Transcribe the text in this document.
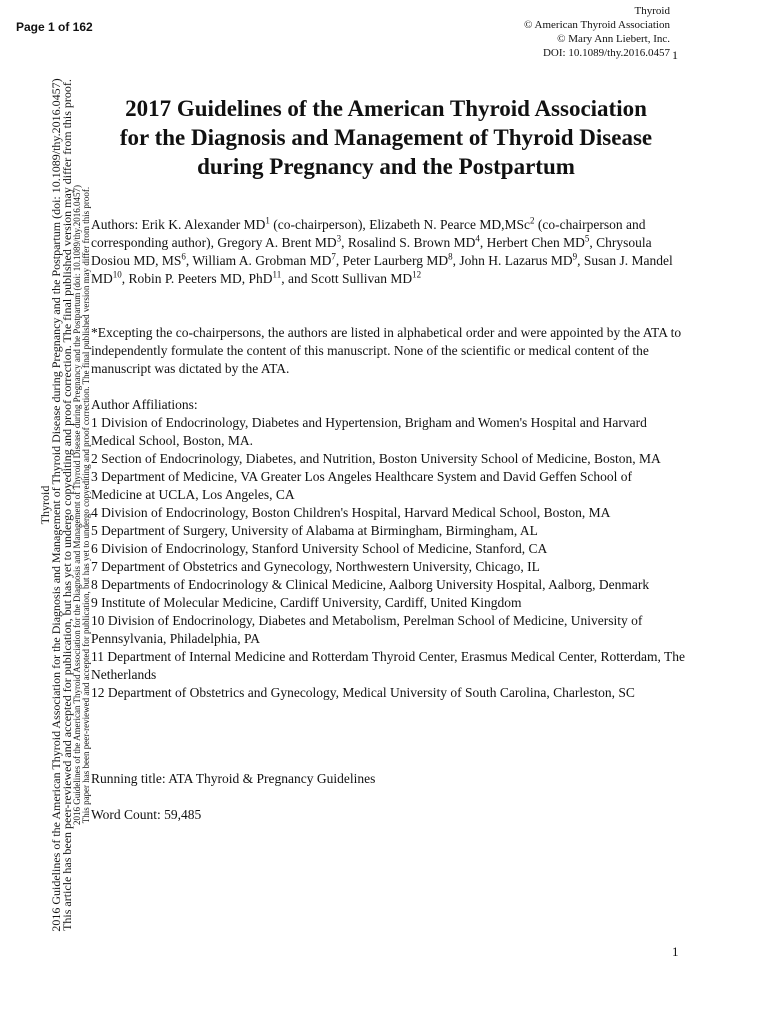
Page 1 of 162
Thyroid
© American Thyroid Association
© Mary Ann Liebert, Inc.
DOI: 10.1089/thy.2016.0457 1
Thyroid
2016 Guidelines of the American Thyroid Association for the Diagnosis and Management of Thyroid Disease during Pregnancy and the Postpartum (doi: 10.1089/thy.2016.0457)
This article has been peer-reviewed and accepted for publication, but has yet to undergo copyediting and proof correction. The final published version may differ from this proof.
2016 Guidelines of the American Thyroid Association for the Diagnosis and Management of Thyroid Disease during Pregnancy and the Postpartum (doi: 10.1089/thy.2016.0457) This paper has been peer-reviewed and accepted for publication, but has yet to undergo copyediting and proof correction. The final published version may differ from this proof.
2017 Guidelines of the American Thyroid Association
for the Diagnosis and Management of Thyroid Disease
during Pregnancy and the Postpartum
Authors: Erik K. Alexander $MD^1$ (co-chairperson), Elizabeth N. Pearce MD,MSc$^2$ (co-chairperson and corresponding author), Gregory A. Brent $MD^3$, Rosalind S. Brown $MD^4$, Herbert Chen $MD^5$, Chrysoula Dosiou MD, $MS^6$, William A. Grobman $MD^7$, Peter Laurberg $MD^8$, John H. Lazarus $MD^9$, Susan J. Mandel MD$^{10}$, Robin P. Peeters MD, PhD$^{11}$, and Scott Sullivan MD$^{12}$
*Excepting the co-chairpersons, the authors are listed in alphabetical order and were appointed by the ATA to independently formulate the content of this manuscript. None of the scientific or medical content of the manuscript was dictated by the ATA.
Author Affiliations:
1 Division of Endocrinology, Diabetes and Hypertension, Brigham and Women's Hospital and Harvard Medical School, Boston, MA.
2 Section of Endocrinology, Diabetes, and Nutrition, Boston University School of Medicine, Boston, MA
3 Department of Medicine, VA Greater Los Angeles Healthcare System and David Geffen School of Medicine at UCLA, Los Angeles, CA
4 Division of Endocrinology, Boston Children's Hospital, Harvard Medical School, Boston, MA
5 Department of Surgery, University of Alabama at Birmingham, Birmingham, AL
6 Division of Endocrinology, Stanford University School of Medicine, Stanford, CA
7 Department of Obstetrics and Gynecology, Northwestern University, Chicago, IL
8 Departments of Endocrinology & Clinical Medicine, Aalborg University Hospital, Aalborg, Denmark
9 Institute of Molecular Medicine, Cardiff University, Cardiff, United Kingdom
10 Division of Endocrinology, Diabetes and Metabolism, Perelman School of Medicine, University of Pennsylvania, Philadelphia, PA
11 Department of Internal Medicine and Rotterdam Thyroid Center, Erasmus Medical Center, Rotterdam, The Netherlands
12 Department of Obstetrics and Gynecology, Medical University of South Carolina, Charleston, SC
Running title: ATA Thyroid & Pregnancy Guidelines
Word Count: 59,485
1
